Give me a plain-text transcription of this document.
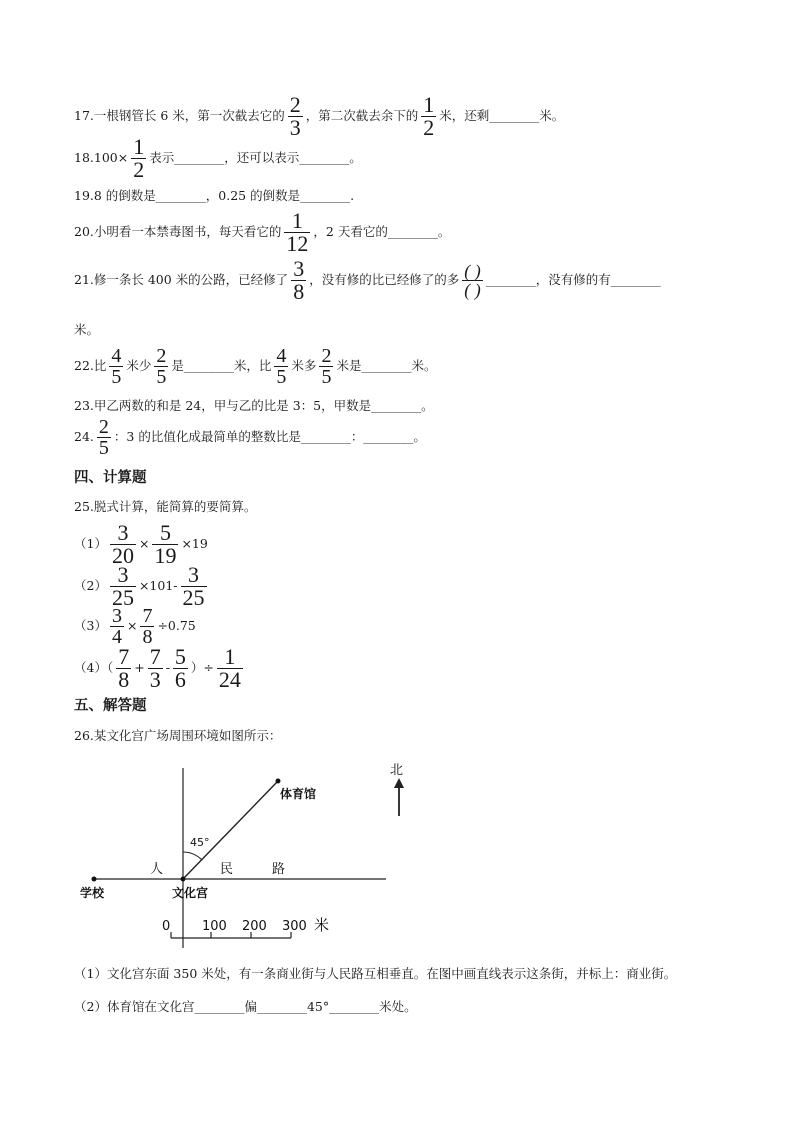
17.一根钢管长 6 米，第一次截去它的 $\frac{2}{3}$ ，第二次截去余下的 $\frac{1}{2}$ 米，还剩________米。
$18.100\times \frac{1}{2}$ 表示________，还可以表示________。
19.8 的倒数是________，0.25 的倒数是________.
20.小明看一本禁毒图书，每天看它的 $\frac{1}{12}$ ，2 天看它的________。
21.修一条长 400 米的公路，已经修了 $\frac{3}{8}$ ，没有修的比已经修了的多 ( )
( )
________，没有修的有________
米。
22.比 $\frac{4}{5}$ 米少 $\frac{2}{5}$ 是________米，比 $\frac{4}{5}$ 米多 $\frac{2}{5}$ 米是________米。
23.甲乙两数的和是 24，甲与乙的比是 3：5，甲数是________。
24. $\frac{2}{5}$ ：3 的比值化成最简单的整数比是________：________。
四、计算题
25.脱式计算，能简算的要简算。
$(1) \frac{3}{20} \times \frac{5}{19} \times 19$
$(2) \frac{3}{25} \times 101- \frac{3}{25}$
$(3) \frac{3}{4} \times \frac{7}{8} \div 0.75$
$(4)( \frac{7}{8} + \frac{7}{3} - \frac{5}{6}$ ）÷ $\frac{1}{24}$
五、解答题
26.某文化宫广场周围环境如图所示：
北
体育馆
45°
人	民	路
学校	文化宫
0 100 200 300 米
（1）文化宫东面 350 米处，有一条商业街与人民路互相垂直。在图中画直线表示这条街，并标上：商业街。
（2）体育馆在文化宫________偏________45°________米处。
